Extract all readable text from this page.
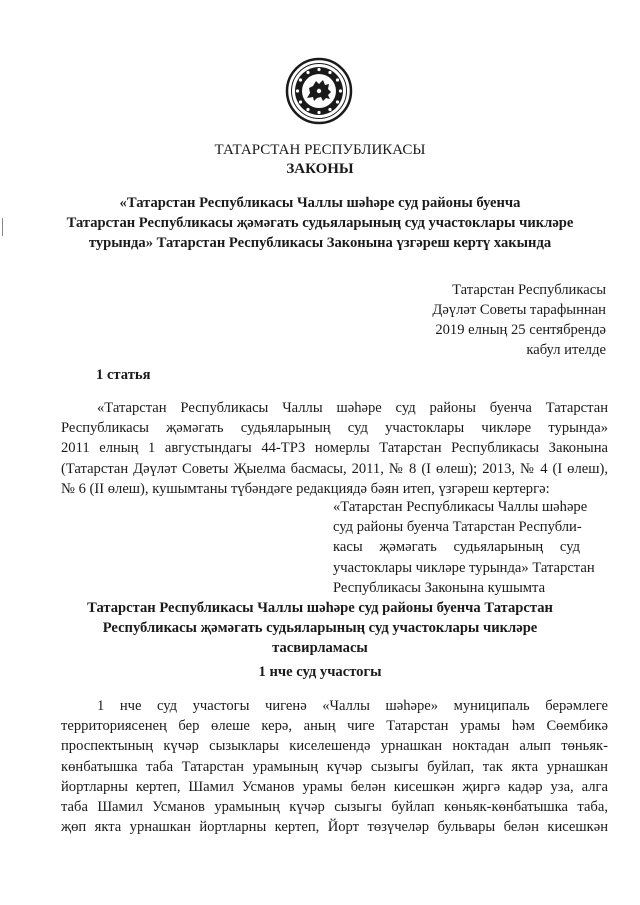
ТАТАРСТАН РЕСПУБЛИКАСЫ
ЗАКОНЫ
«Татарстан Республикасы Чаллы шәһәре суд районы буенча
Татарстан Республикасы җәмәгать судьяларының суд участоклары чикләре
турында» Татарстан Республикасы Законына үзгәреш кертү хакында
Татарстан Республикасы
Дәүләт Советы тарафыннан
2019 елның 25 сентябрендә
кабул ителде
1 статья
«Татарстан Республикасы Чаллы шәһәре суд районы буенча Татарстан
Республикасы җәмәгать судьяларының суд участоклары чикләре турында»
2011 елның 1 августындагы 44-ТРЗ номерлы Татарстан Республикасы Законына
(Татарстан Дәүләт Советы Җыелма басмасы, 2011, № 8 (I өлеш); 2013, № 4 (I өлеш),
№ 6 (II өлеш), кушымтаны түбәндәге редакциядә бәян итеп, үзгәреш кертергә:
«Татарстан Республикасы Чаллы шәһәре
суд районы буенча Татарстан Республи-
касы җәмәгать судьяларының суд
участоклары чикләре турында» Татарстан
Республикасы Законына кушымта
Татарстан Республикасы Чаллы шәһәре суд районы буенча Татарстан
Республикасы җәмәгать судьяларының суд участоклары чикләре
тасвирламасы
1 нче суд участогы
1 нче суд участогы чигенә «Чаллы шәһәре» муниципаль берәмлеге
территориясенең бер өлеше керә, аның чиге Татарстан урамы һәм Сөембикә
проспектының күчәр сызыклары киселешендә урнашкан ноктадан алып төньяк-
көнбатышка таба Татарстан урамының күчәр сызыгы буйлап, так якта урнашкан
йортларны кертеп, Шамил Усманов урамы белән кисешкән җиргә кадәр уза, алга
таба Шамил Усманов урамының күчәр сызыгы буйлап көньяк-көнбатышка таба,
җөп якта урнашкан йортларны кертеп, Йорт төзүчеләр бульвары белән кисешкән
